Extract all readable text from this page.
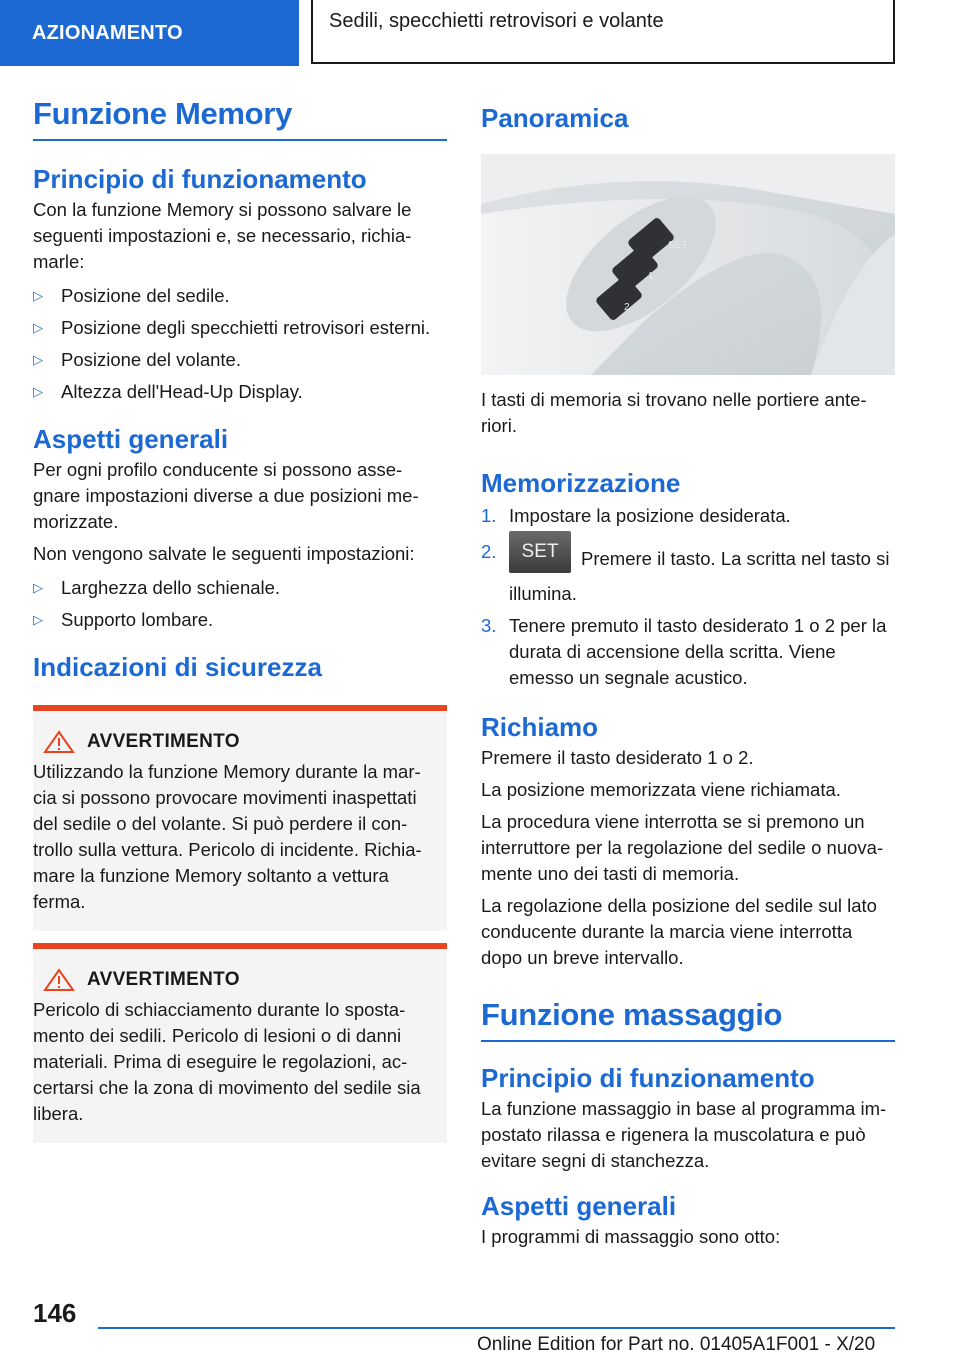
AZIONAMENTO
Sedili, specchietti retrovisori e volante
Funzione Memory
Principio di funzionamento

Con la funzione Memory si possono salvare le seguenti impostazioni e, se necessario, richia-marle:

▷ Posizione del sedile.
▷ Posizione degli specchietti retrovisori esterni.
▷ Posizione del volante.
▷ Altezza dell'Head-Up Display.
Aspetti generali

Per ogni profilo conducente si possono asse-gnare impostazioni diverse a due posizioni me-morizzate.

Non vengono salvate le seguenti impostazioni:

▷ Larghezza dello schienale.
▷ Supporto lombare.
Indicazioni di sicurezza
AVVERTIMENTO
Utilizzando la funzione Memory durante la mar-cia si possono provocare movimenti inaspettati del sedile o del volante. Si può perdere il con-trollo sulla vettura. Pericolo di incidente. Richia-mare la funzione Memory soltanto a vettura ferma.
AVVERTIMENTO
Pericolo di schiacciamento durante lo sposta-mento dei sedili. Pericolo di lesioni o di danni materiali. Prima di eseguire le regolazioni, ac-certarsi che la zona di movimento del sedile sia libera.
Panoramica
SET
1
2

I tasti di memoria si trovano nelle portiere ante-riori.

Memorizzazione
1. Impostare la posizione desiderata.
2. SET Premere il tasto. La scritta nel tasto si illumina.
3. Tenere premuto il tasto desiderato 1 o 2 per la durata di accensione della scritta. Viene emesso un segnale acustico.
Richiamo

Premere il tasto desiderato 1 o 2.

La posizione memorizzata viene richiamata.

La procedura viene interrotta se si premono un interruttore per la regolazione del sedile o nuova-mente uno dei tasti di memoria.

La regolazione della posizione del sedile sul lato conducente durante la marcia viene interrotta dopo un breve intervallo.

Funzione massaggio
Principio di funzionamento

La funzione massaggio in base al programma im-postato rilassa e rigenera la muscolatura e può evitare segni di stanchezza.

Aspetti generali

I programmi di massaggio sono otto:

146
Online Edition for Part no. 01405A1F001 - X/20
